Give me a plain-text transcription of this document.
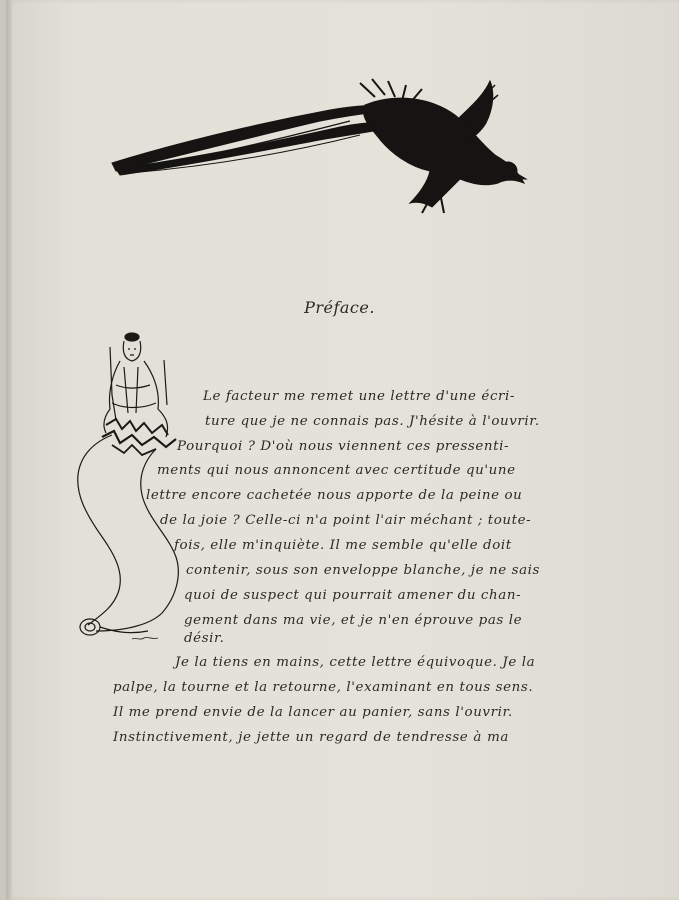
Préface.
Le facteur me remet une lettre d'une écri-
ture que je ne connais pas. J'hésite à l'ouvrir.
Pourquoi ? D'où nous viennent ces pressenti-
ments qui nous annoncent avec certitude qu'une
lettre encore cachetée nous apporte de la peine ou
de la joie ? Celle-ci n'a point l'air méchant ; toute-
fois, elle m'inquiète. Il me semble qu'elle doit
contenir, sous son enveloppe blanche, je ne sais
quoi de suspect qui pourrait amener du chan-
gement dans ma vie, et je n'en éprouve pas le
désir.
Je la tiens en mains, cette lettre équivoque. Je la
palpe, la tourne et la retourne, l'examinant en tous sens.
Il me prend envie de la lancer au panier, sans l'ouvrir.
Instinctivement, je jette un regard de tendresse à ma
